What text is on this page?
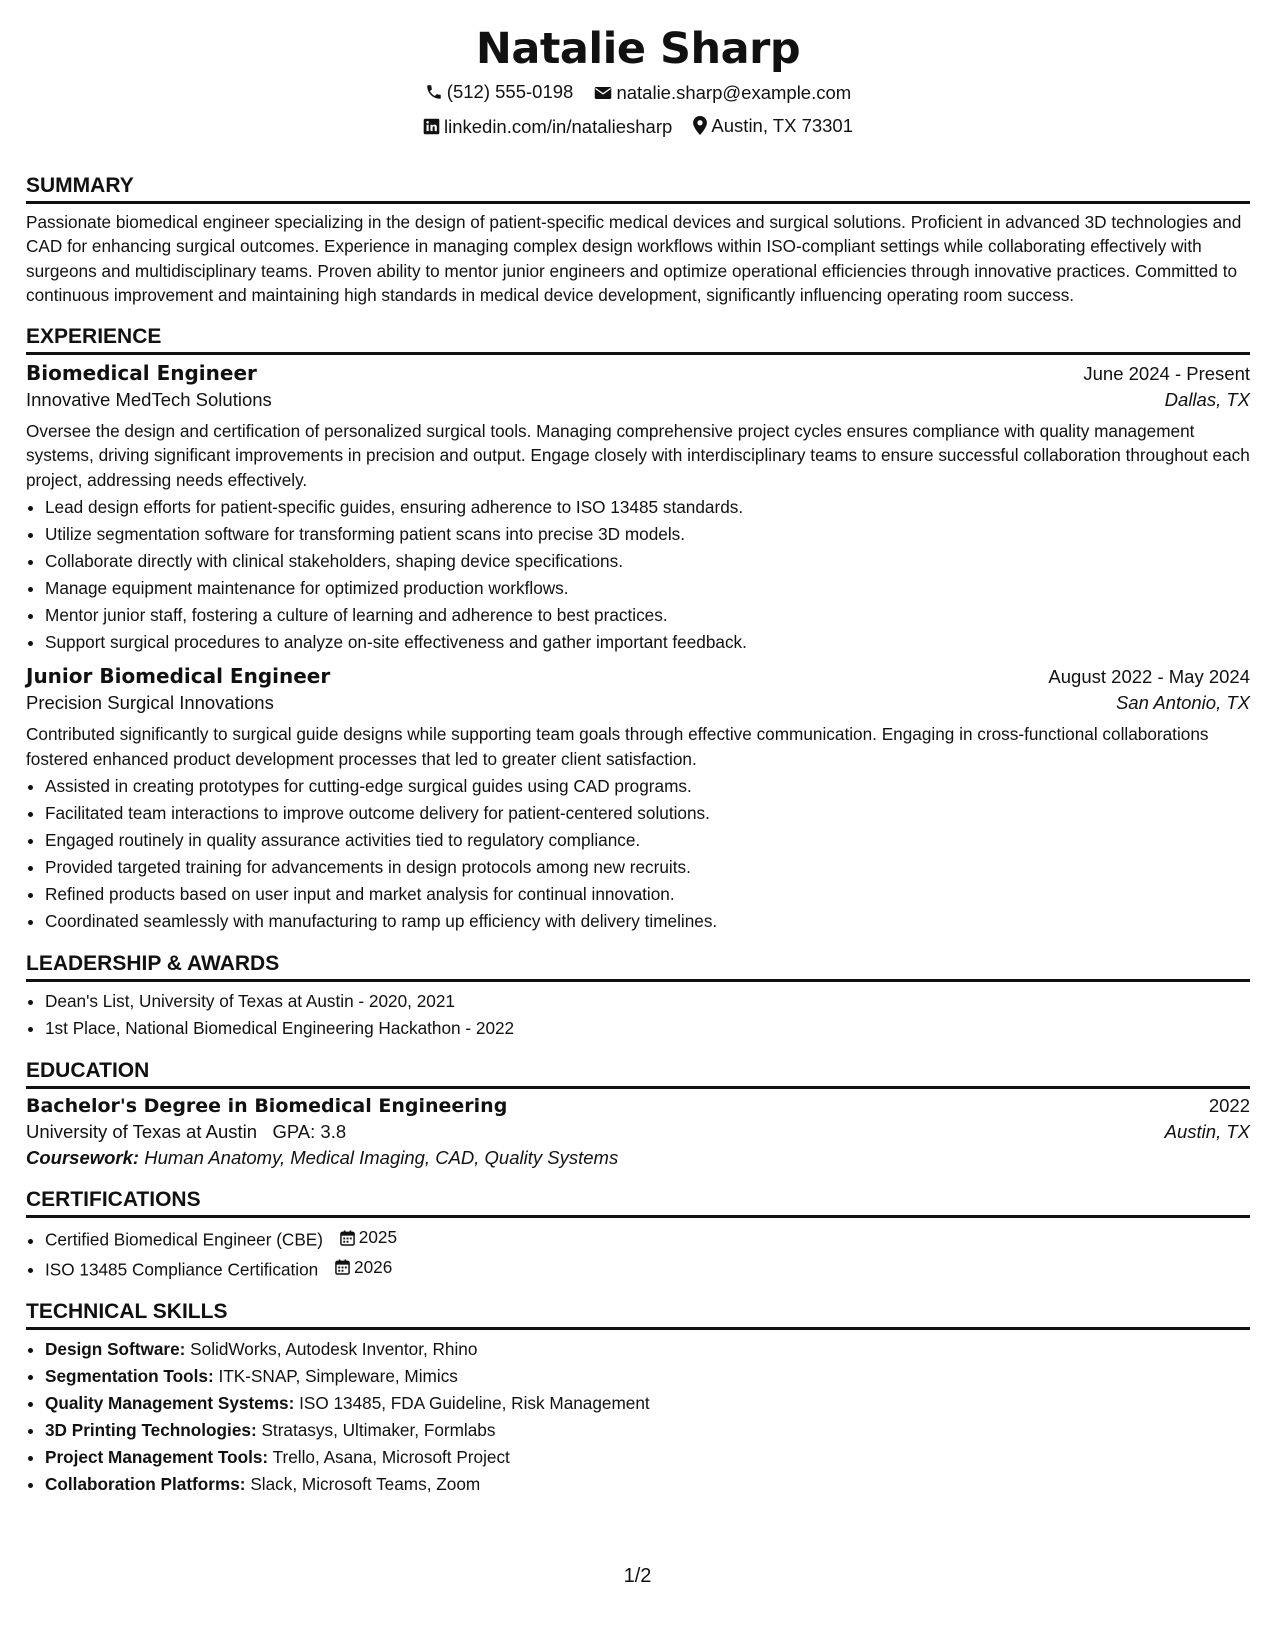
Natalie Sharp
(512) 555-0198
natalie.sharp@example.com
linkedin.com/in/nataliesharp
Austin, TX 73301
SUMMARY

Passionate biomedical engineer specializing in the design of patient-specific medical devices and surgical solutions. Proficient in advanced 3D technologies and CAD for enhancing surgical outcomes. Experience in managing complex design workflows within ISO-compliant settings while collaborating effectively with surgeons and multidisciplinary teams. Proven ability to mentor junior engineers and optimize operational efficiencies through innovative practices. Committed to continuous improvement and maintaining high standards in medical device development, significantly influencing operating room success.

EXPERIENCE
Biomedical Engineer	June 2024 - Present
Innovative MedTech Solutions	Dallas, TX

Oversee the design and certification of personalized surgical tools. Managing comprehensive project cycles ensures compliance with quality management systems, driving significant improvements in precision and output. Engage closely with interdisciplinary teams to ensure successful collaboration throughout each project, addressing needs effectively.

• Lead design efforts for patient-specific guides, ensuring adherence to ISO 13485 standards.
• Utilize segmentation software for transforming patient scans into precise 3D models.
• Collaborate directly with clinical stakeholders, shaping device specifications.
• Manage equipment maintenance for optimized production workflows.
• Mentor junior staff, fostering a culture of learning and adherence to best practices.
• Support surgical procedures to analyze on-site effectiveness and gather important feedback.
Junior Biomedical Engineer	August 2022 - May 2024
Precision Surgical Innovations	San Antonio, TX

Contributed significantly to surgical guide designs while supporting team goals through effective communication. Engaging in cross-functional collaborations fostered enhanced product development processes that led to greater client satisfaction.

• Assisted in creating prototypes for cutting-edge surgical guides using CAD programs.
• Facilitated team interactions to improve outcome delivery for patient-centered solutions.
• Engaged routinely in quality assurance activities tied to regulatory compliance.
• Provided targeted training for advancements in design protocols among new recruits.
• Refined products based on user input and market analysis for continual innovation.
• Coordinated seamlessly with manufacturing to ramp up efficiency with delivery timelines.
LEADERSHIP & AWARDS
• Dean's List, University of Texas at Austin - 2020, 2021
• 1st Place, National Biomedical Engineering Hackathon - 2022
EDUCATION
Bachelor's Degree in Biomedical Engineering	2022
University of Texas at Austin GPA: 3.8	Austin, TX
Coursework: Human Anatomy, Medical Imaging, CAD, Quality Systems
CERTIFICATIONS
• Certified Biomedical Engineer (CBE) 2025
• ISO 13485 Compliance Certification 2026
TECHNICAL SKILLS
• Design Software: SolidWorks, Autodesk Inventor, Rhino
• Segmentation Tools: ITK-SNAP, Simpleware, Mimics
• Quality Management Systems: ISO 13485, FDA Guideline, Risk Management
• 3D Printing Technologies: Stratasys, Ultimaker, Formlabs
• Project Management Tools: Trello, Asana, Microsoft Project
• Collaboration Platforms: Slack, Microsoft Teams, Zoom
1/2
